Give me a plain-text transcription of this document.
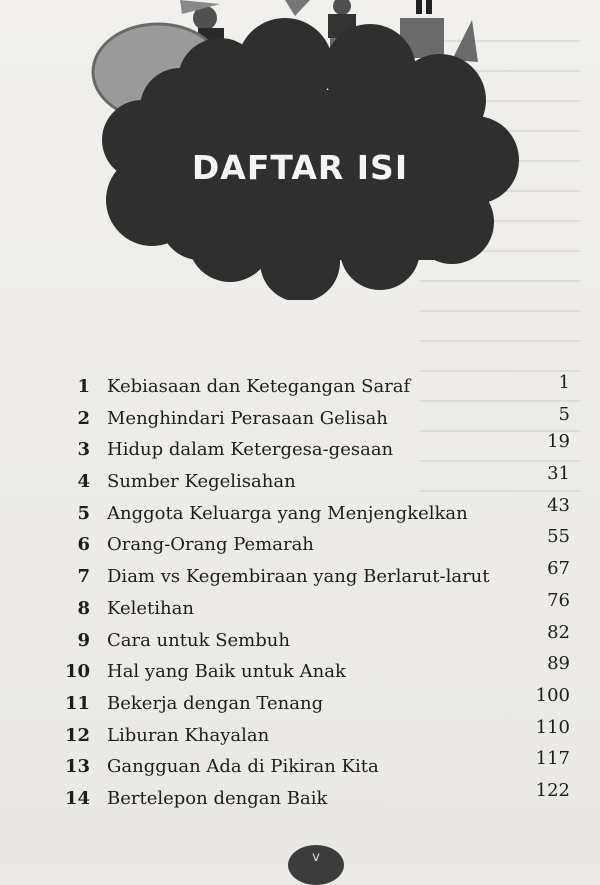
DAFTAR ISI
1 Kebiasaan dan Ketegangan Saraf	1
2 Menghindari Perasaan Gelisah	5
3 Hidup dalam Ketergesa-gesaan	19
4 Sumber Kegelisahan	31
5 Anggota Keluarga yang Menjengkelkan	43
6 Orang-Orang Pemarah	55
7 Diam vs Kegembiraan yang Berlarut-larut	67
8 Keletihan	76
9 Cara untuk Sembuh	82
10 Hal yang Baik untuk Anak	89
11 Bekerja dengan Tenang	100
12 Liburan Khayalan	110
13 Gangguan Ada di Pikiran Kita	117
14 Bertelepon dengan Baik	122
v
